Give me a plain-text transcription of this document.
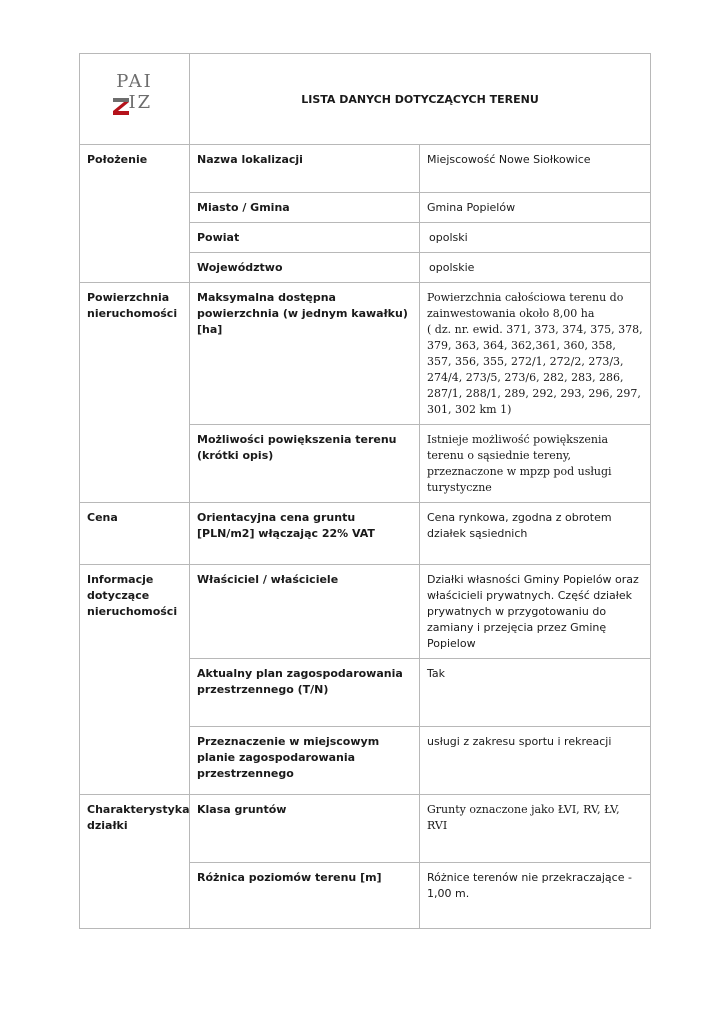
PAI
IZ	LISTA DANYCH DOTYCZĄCYCH TERENU	
Położenie	Nazwa lokalizacji	Miejscowość Nowe Siołkowice
	Miasto / Gmina	Gmina Popielów
	Powiat	opolski
	Województwo	opolskie
Powierzchnia nieruchomości	Maksymalna dostępna powierzchnia (w jednym kawałku) [ha]	Powierzchnia całościowa terenu do zainwestowania około 8,00 ha
( dz. nr. ewid. 371, 373, 374, 375, 378, 379, 363, 364, 362,361, 360, 358, 357, 356, 355, 272/1, 272/2, 273/3, 274/4, 273/5, 273/6, 282, 283, 286, 287/1, 288/1, 289, 292, 293, 296, 297, 301, 302 km 1)

	Możliwości powiększenia terenu (krótki opis)	Istnieje możliwość powiększenia terenu o sąsiednie tereny, przeznaczone w mpzp pod usługi turystyczne
Cena	Orientacyjna cena gruntu [PLN/m2] włączając 22% VAT	Cena rynkowa, zgodna z obrotem działek sąsiednich
Informacje dotyczące nieruchomości	Właściciel / właściciele	Działki własności Gminy Popielów oraz właścicieli prywatnych. Część działek prywatnych w przygotowaniu do zamiany i przejęcia przez Gminę Popielow
	Aktualny plan zagospodarowania przestrzennego (T/N)	Tak
	Przeznaczenie w miejscowym planie zagospodarowania przestrzennego	usługi z zakresu sportu i rekreacji
Charakterystyka działki	Klasa gruntów	Grunty oznaczone jako ŁVI, RV, ŁV, RVI
	Różnica poziomów terenu [m]	Różnice terenów nie przekraczające - 1,00 m.
